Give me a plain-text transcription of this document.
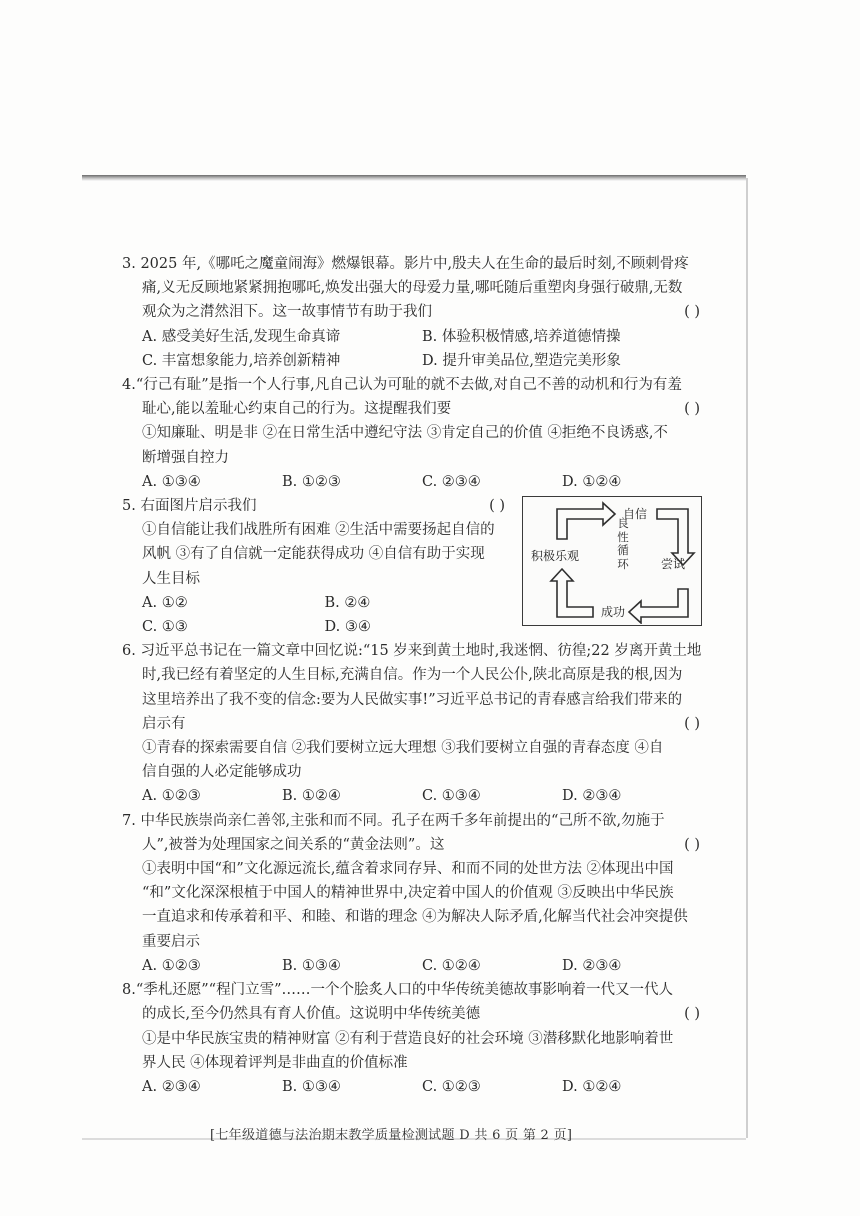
3. 2025 年,《哪吒之魔童闹海》燃爆银幕。影片中,殷夫人在生命的最后时刻,不顾刺骨疼
痛,义无反顾地紧紧拥抱哪吒,焕发出强大的母爱力量,哪吒随后重塑肉身强行破鼎,无数
观众为之潸然泪下。这一故事情节有助于我们	( )
A. 感受美好生活,发现生命真谛	B. 体验积极情感,培养道德情操
C. 丰富想象能力,培养创新精神	D. 提升审美品位,塑造完美形象
4.“行己有耻”是指一个人行事,凡自己认为可耻的就不去做,对自己不善的动机和行为有羞
耻心,能以羞耻心约束自己的行为。这提醒我们要	( )
①知廉耻、明是非 ②在日常生活中遵纪守法 ③肯定自己的价值 ④拒绝不良诱惑,不
断增强自控力
A. ①③④	B. ①②③	C. ②③④	D. ①②④
5. 右面图片启示我们	( )
①自信能让我们战胜所有困难 ②生活中需要扬起自信的
风帆 ③有了自信就一定能获得成功 ④自信有助于实现
人生目标
A. ①②	B. ②④
C. ①③	D. ③④
自信
尝试
成功
积极乐观
良
性
循
环
6. 习近平总书记在一篇文章中回忆说:“15 岁来到黄土地时,我迷惘、彷徨;22 岁离开黄土地
时,我已经有着坚定的人生目标,充满自信。作为一个人民公仆,陕北高原是我的根,因为
这里培养出了我不变的信念:要为人民做实事!”习近平总书记的青春感言给我们带来的
启示有	( )
①青春的探索需要自信 ②我们要树立远大理想 ③我们要树立自强的青春态度 ④自
信自强的人必定能够成功
A. ①②③	B. ①②④	C. ①③④	D. ②③④
7. 中华民族崇尚亲仁善邻,主张和而不同。孔子在两千多年前提出的“己所不欲,勿施于
人”,被誉为处理国家之间关系的“黄金法则”。这	( )
①表明中国“和”文化源远流长,蕴含着求同存异、和而不同的处世方法 ②体现出中国
“和”文化深深根植于中国人的精神世界中,决定着中国人的价值观 ③反映出中华民族
一直追求和传承着和平、和睦、和谐的理念 ④为解决人际矛盾,化解当代社会冲突提供
重要启示
A. ①②③	B. ①③④	C. ①②④	D. ②③④
8.“季札还愿”“程门立雪”……一个个脍炙人口的中华传统美德故事影响着一代又一代人
的成长,至今仍然具有育人价值。这说明中华传统美德	( )
①是中华民族宝贵的精神财富 ②有利于营造良好的社会环境 ③潜移默化地影响着世
界人民 ④体现着评判是非曲直的价值标准
A. ②③④	B. ①③④	C. ①②③	D. ①②④
[七年级道德与法治期末教学质量检测试题 D 共 6 页 第 2 页]
